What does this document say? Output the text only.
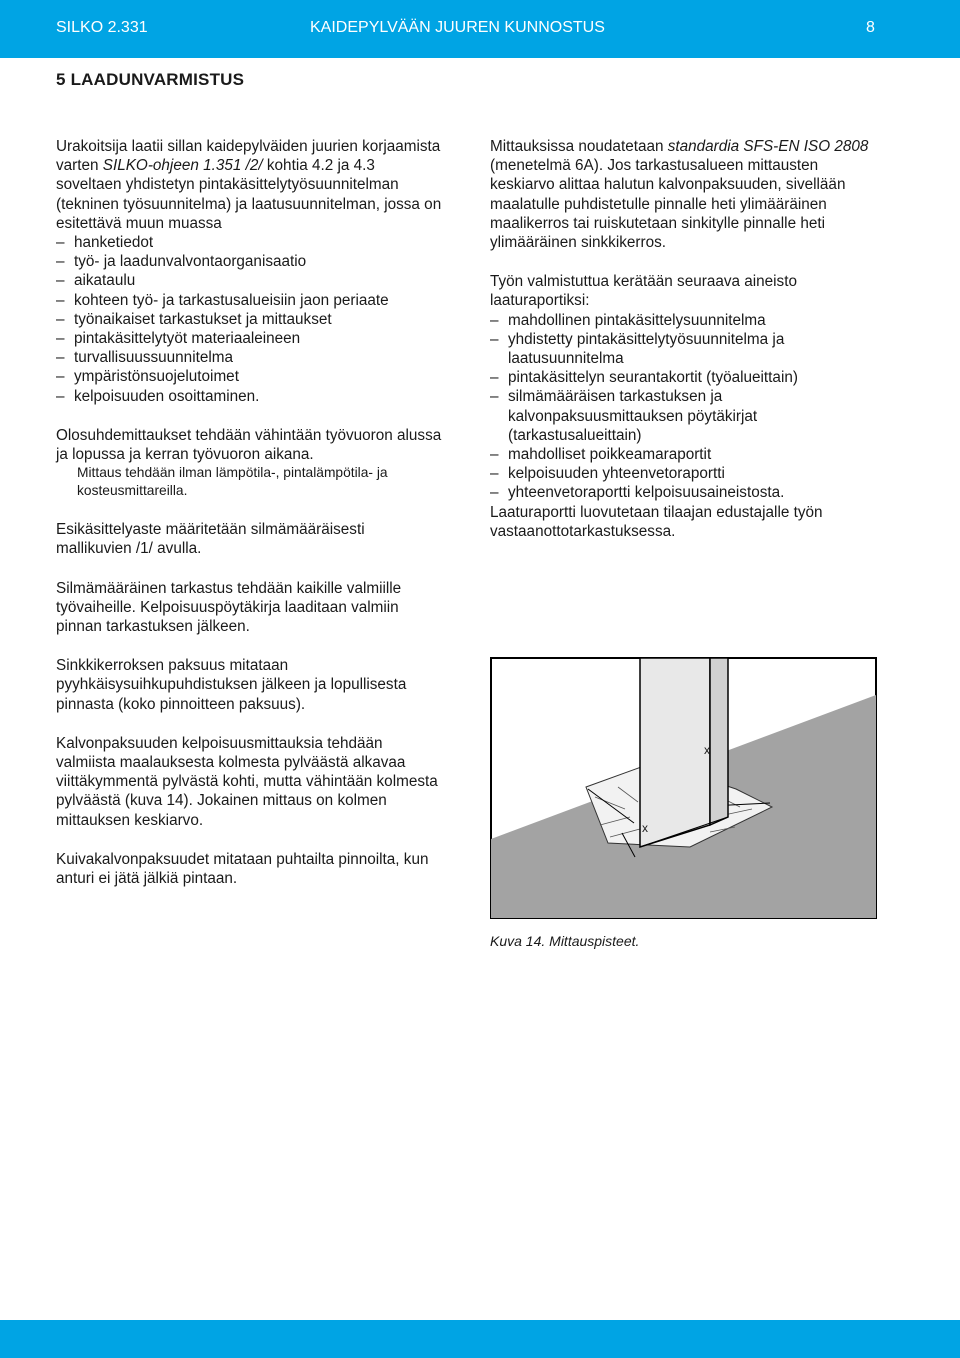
SILKO 2.331	KAIDEPYLVÄÄN JUUREN KUNNOSTUS	8
5 LAADUNVARMISTUS

Urakoitsija laatii sillan kaidepylväiden juurien korjaamista varten SILKO-ohjeen 1.351 /2/ kohtia 4.2 ja 4.3 soveltaen yhdistetyn pintakäsittelytyösuunnitelman (tekninen työsuunnitelma) ja laatusuunnitelman, jossa on esitettävä muun muassa

– hanketiedot
– työ- ja laadunvalvontaorganisaatio
– aikataulu
– kohteen työ- ja tarkastusalueisiin jaon periaate
– työnaikaiset tarkastukset ja mittaukset
– pintakäsittelytyöt materiaaleineen
– turvallisuussuunnitelma
– ympäristönsuojelutoimet
– kelpoisuuden osoittaminen.

Olosuhdemittaukset tehdään vähintään työvuoron alussa ja lopussa ja kerran työvuoron aikana.

Mittaus tehdään ilman lämpötila-, pintalämpötila- ja kosteusmittareilla.

Esikäsittelyaste määritetään silmämääräisesti mallikuvien /1/ avulla.

Silmämääräinen tarkastus tehdään kaikille valmiille työvaiheille. Kelpoisuuspöytäkirja laaditaan valmiin pinnan tarkastuksen jälkeen.

Sinkkikerroksen paksuus mitataan pyyhkäisysuihkupuhdistuksen jälkeen ja lopullisesta pinnasta (koko pinnoitteen paksuus).

Kalvonpaksuuden kelpoisuusmittauksia tehdään valmiista maalauksesta kolmesta pylväästä alkavaa viittäkymmentä pylvästä kohti, mutta vähintään kolmesta pylväästä (kuva 14). Jokainen mittaus on kolmen mittauksen keskiarvo.

Kuivakalvonpaksuudet mitataan puhtailta pinnoilta, kun anturi ei jätä jälkiä pintaan.

Mittauksissa noudatetaan standardia SFS-EN ISO 2808 (menetelmä 6A). Jos tarkastusalueen mittausten keskiarvo alittaa halutun kalvonpaksuuden, sivellään maalatulle puhdistetulle pinnalle heti ylimääräinen maalikerros tai ruiskutetaan sinkitylle pinnalle heti ylimääräinen sinkkikerros.

Työn valmistuttua kerätään seuraava aineisto laaturaportiksi:

– mahdollinen pintakäsittelysuunnitelma
– yhdistetty pintakäsittelytyösuunnitelma ja laatusuunnitelma
– pintakäsittelyn seurantakortit (työalueittain)
– silmämääräisen tarkastuksen ja kalvonpaksuusmittauksen pöytäkirjat (tarkastusalueittain)
– mahdolliset poikkeamaraportit
– kelpoisuuden yhteenvetoraportti
– yhteenvetoraportti kelpoisuusaineistosta.

Laaturaportti luovutetaan tilaajan edustajalle työn vastaanottotarkastuksessa.

x
x
Kuva 14. Mittauspisteet.
